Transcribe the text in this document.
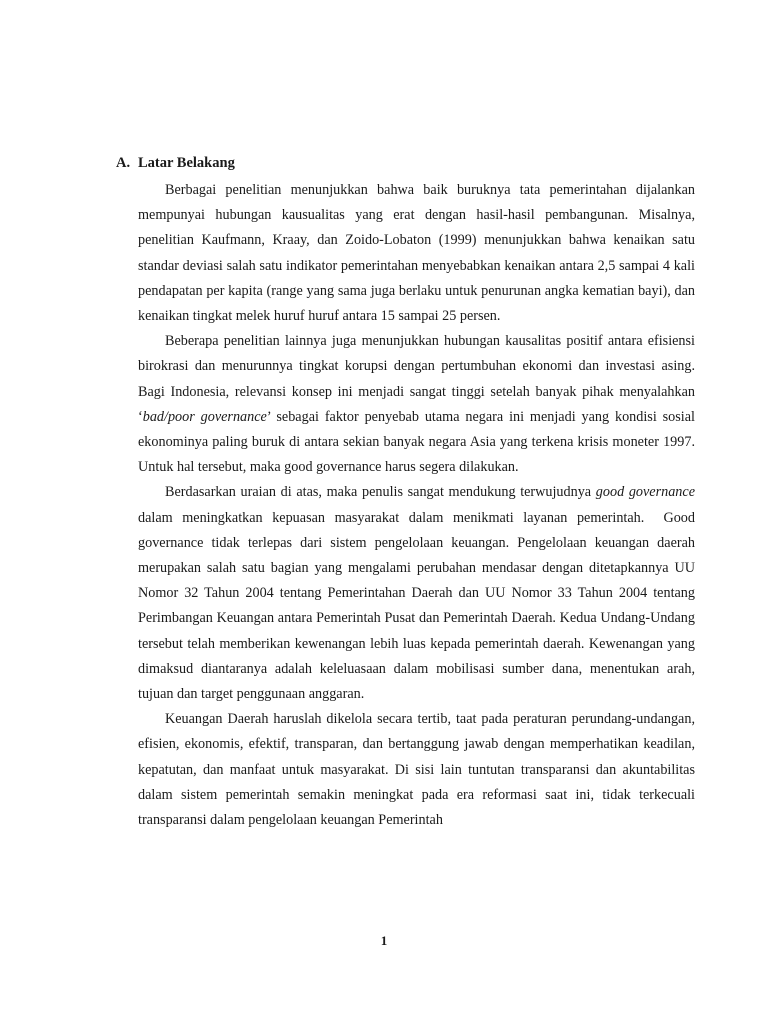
A. Latar Belakang

Berbagai penelitian menunjukkan bahwa baik buruknya tata pemerintahan dijalankan mempunyai hubungan kausualitas yang erat dengan hasil-hasil pembangunan. Misalnya, penelitian Kaufmann, Kraay, dan Zoido-Lobaton (1999) menunjukkan bahwa kenaikan satu standar deviasi salah satu indikator pemerintahan menyebabkan kenaikan antara 2,5 sampai 4 kali pendapatan per kapita (range yang sama juga berlaku untuk penurunan angka kematian bayi), dan kenaikan tingkat melek huruf huruf antara 15 sampai 25 persen.

Beberapa penelitian lainnya juga menunjukkan hubungan kausalitas positif antara efisiensi birokrasi dan menurunnya tingkat korupsi dengan pertumbuhan ekonomi dan investasi asing. Bagi Indonesia, relevansi konsep ini menjadi sangat tinggi setelah banyak pihak menyalahkan ‘bad/poor governance’ sebagai faktor penyebab utama negara ini menjadi yang kondisi sosial ekonominya paling buruk di antara sekian banyak negara Asia yang terkena krisis moneter 1997. Untuk hal tersebut, maka good governance harus segera dilakukan.

Berdasarkan uraian di atas, maka penulis sangat mendukung terwujudnya good governance dalam meningkatkan kepuasan masyarakat dalam menikmati layanan pemerintah.  Good governance tidak terlepas dari sistem pengelolaan keuangan. Pengelolaan keuangan daerah merupakan salah satu bagian yang mengalami perubahan mendasar dengan ditetapkannya UU Nomor 32 Tahun 2004 tentang Pemerintahan Daerah dan UU Nomor 33 Tahun 2004 tentang Perimbangan Keuangan antara Pemerintah Pusat dan Pemerintah Daerah. Kedua Undang-Undang tersebut telah memberikan kewenangan lebih luas kepada pemerintah daerah. Kewenangan yang dimaksud diantaranya adalah keleluasaan dalam mobilisasi sumber dana, menentukan arah, tujuan dan target penggunaan anggaran.

Keuangan Daerah haruslah dikelola secara tertib, taat pada peraturan perundang-undangan, efisien, ekonomis, efektif, transparan, dan bertanggung jawab dengan memperhatikan keadilan, kepatutan, dan manfaat untuk masyarakat. Di sisi lain tuntutan transparansi dan akuntabilitas dalam sistem pemerintah semakin meningkat pada era reformasi saat ini, tidak terkecuali transparansi dalam pengelolaan keuangan Pemerintah

1
